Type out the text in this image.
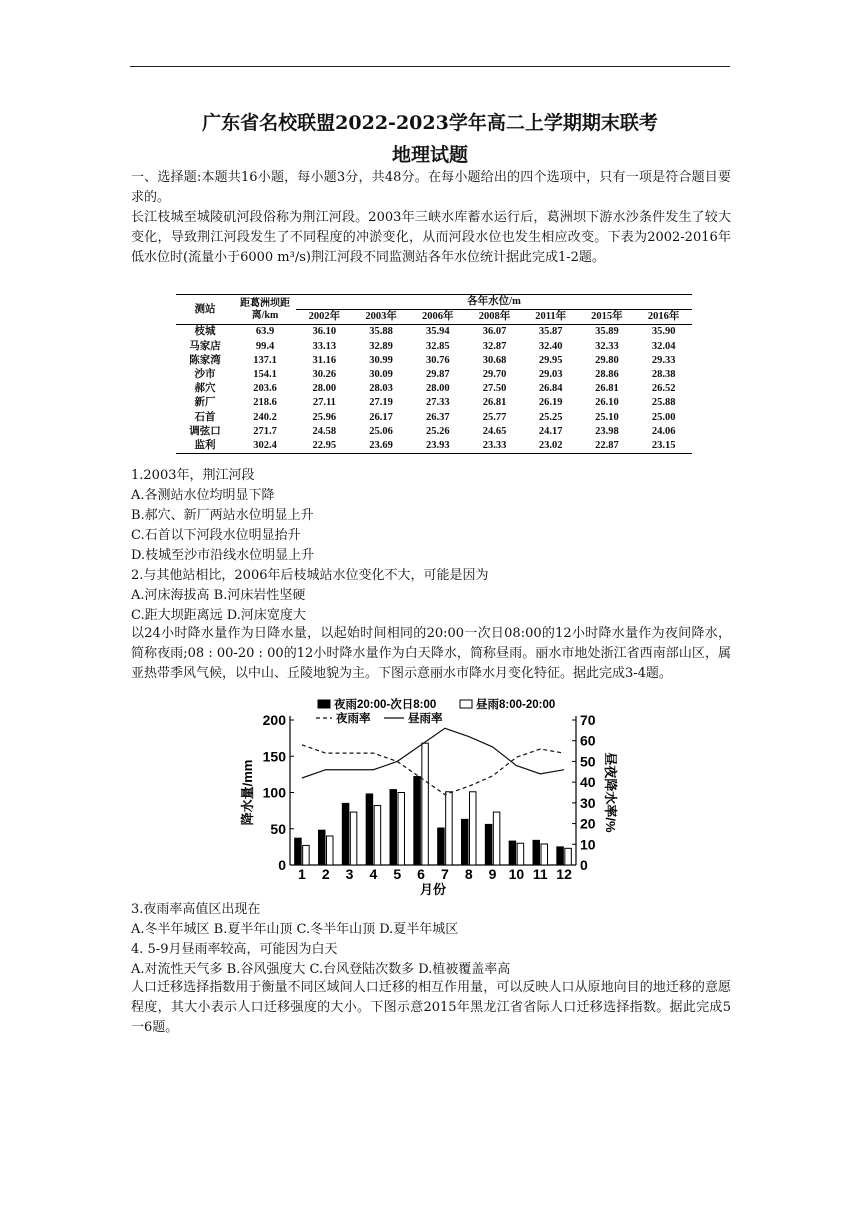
广东省名校联盟2022-2023学年高二上学期期末联考
地理试题
一、选择题:本题共16小题，每小题3分，共48分。在每小题给出的四个选项中，只有一项是符合题目要求的。
长江枝城至城陵矶河段俗称为荆江河段。2003年三峡水库蓄水运行后，葛洲坝下游水沙条件发生了较大变化，导致荆江河段发生了不同程度的冲淤变化，从而河段水位也发生相应改变。下表为2002-2016年低水位时(流量小于6000 m³/s)荆江河段不同监测站各年水位统计据此完成1-2题。
测站	距葛洲坝距离/km	各年水位/m						
		2002年	2003年	2006年	2008年	2011年	2015年	2016年
枝城	63.9	36.10	35.88	35.94	36.07	35.87	35.89	35.90
马家店	99.4	33.13	32.89	32.85	32.87	32.40	32.33	32.04
陈家湾	137.1	31.16	30.99	30.76	30.68	29.95	29.80	29.33
沙市	154.1	30.26	30.09	29.87	29.70	29.03	28.86	28.38
郝穴	203.6	28.00	28.03	28.00	27.50	26.84	26.81	26.52
新厂	218.6	27.11	27.19	27.33	26.81	26.19	26.10	25.88
石首	240.2	25.96	26.17	26.37	25.77	25.25	25.10	25.00
调弦口	271.7	24.58	25.06	25.26	24.65	24.17	23.98	24.06
监利	302.4	22.95	23.69	23.93	23.33	23.02	22.87	23.15
1.2003年，荆江河段
A.各测站水位均明显下降
B.郝穴、新厂两站水位明显上升
C.石首以下河段水位明显抬升
D.枝城至沙市沿线水位明显上升
2.与其他站相比，2006年后枝城站水位变化不大，可能是因为
A.河床海拔高 B.河床岩性坚硬
C.距大坝距离远 D.河床宽度大
以24小时降水量作为日降水量，以起始时间相同的20:00一次日08:00的12小时降水量作为夜间降水，简称夜雨;08 : 00-20 : 00的12小时降水量作为白天降水，简称昼雨。丽水市地处浙江省西南部山区，属亚热带季风气候，以中山、丘陵地貌为主。下图示意丽水市降水月变化特征。据此完成3-4题。
0
50
100
150
200
0
10
20
30
40
50
60
70
1 2 3 4 5 6 7 8 9 10 11 12
月份
降水量/mm	昼夜降水率/%
夜雨20:00-次日8:00	昼雨8:00-20:00
夜雨率	昼雨率
3.夜雨率高值区出现在
A.冬半年城区 B.夏半年山顶 C.冬半年山顶 D.夏半年城区
4. 5-9月昼雨率较高，可能因为白天
A.对流性天气多 B.谷风强度大 C.台风登陆次数多 D.植被覆盖率高
人口迁移选择指数用于衡量不同区域间人口迁移的相互作用量，可以反映人口从原地向目的地迁移的意愿程度，其大小表示人口迁移强度的大小。下图示意2015年黑龙江省省际人口迁移选择指数。据此完成5一6题。
